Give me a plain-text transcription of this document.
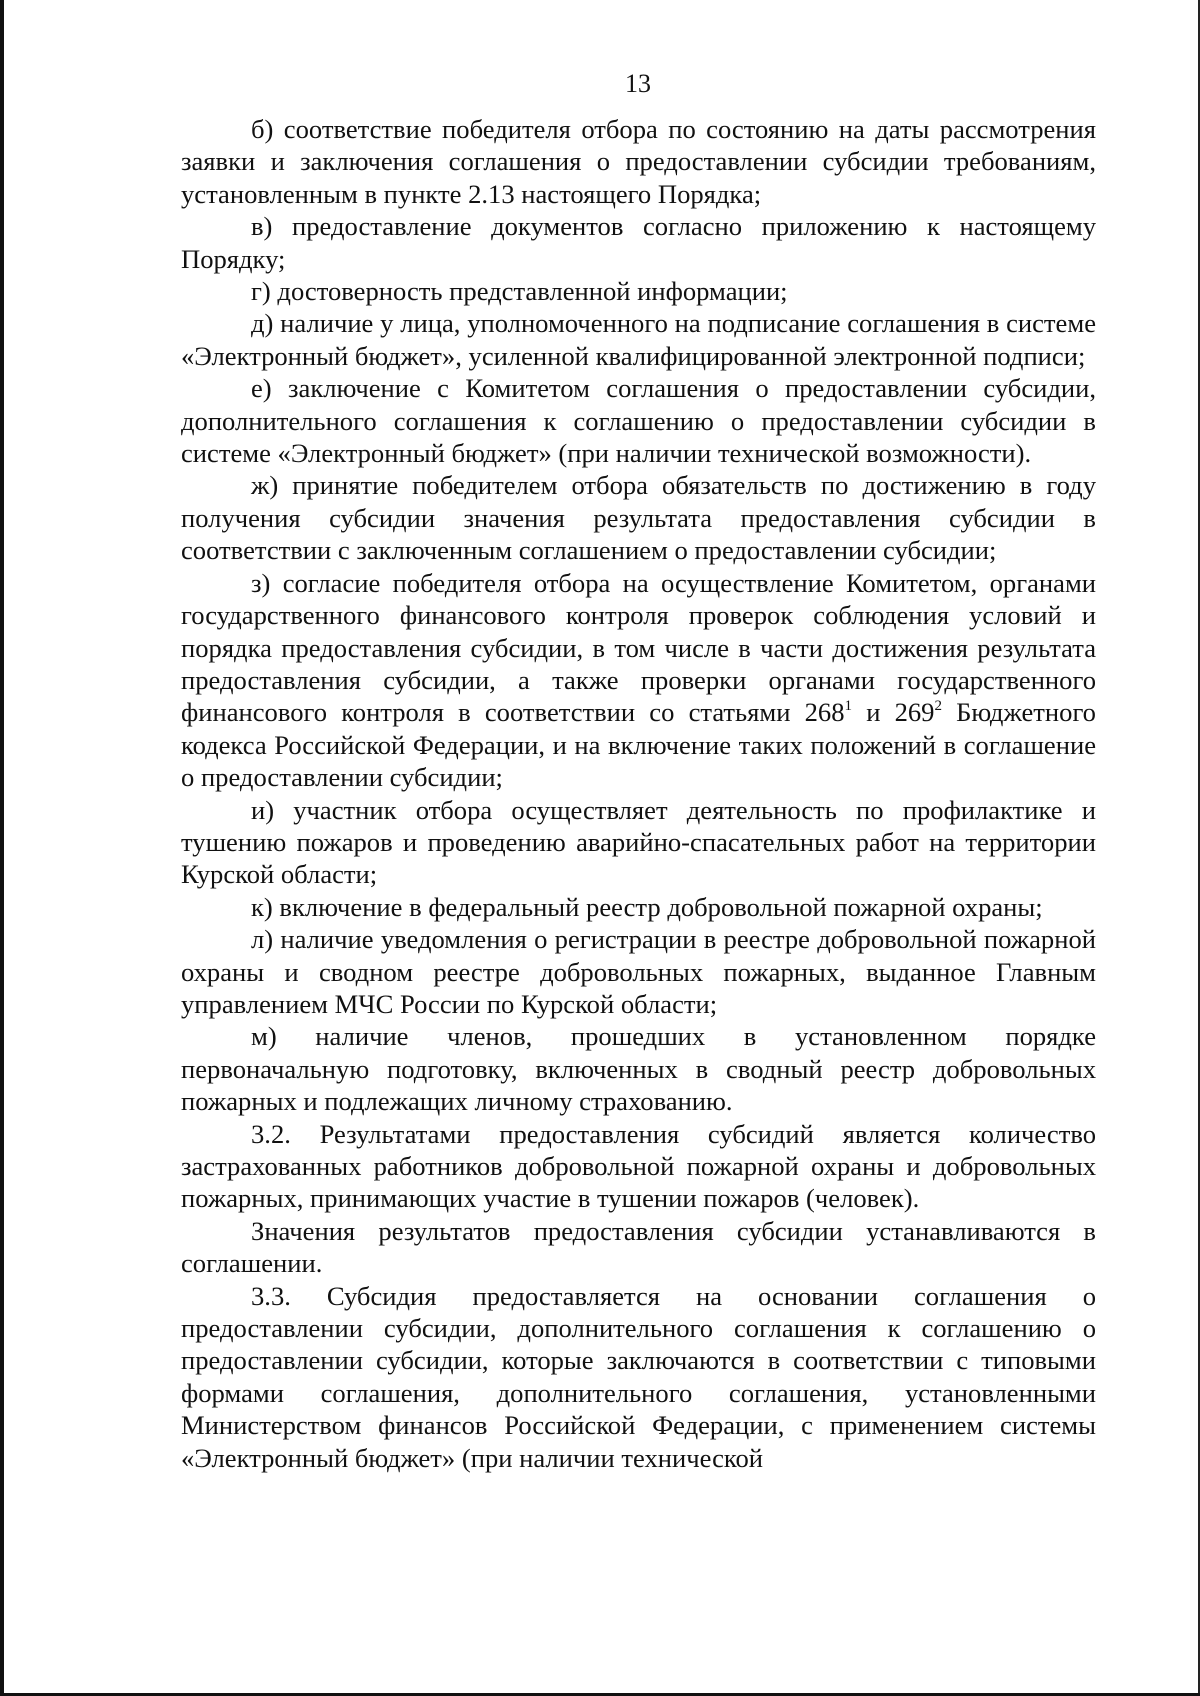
13

б) соответствие победителя отбора по состоянию на даты рассмотрения заявки и заключения соглашения о предоставлении субсидии требованиям, установленным в пункте 2.13 настоящего Порядка;

в) предоставление документов согласно приложению к настоящему Порядку;

г) достоверность представленной информации;

д) наличие у лица, уполномоченного на подписание соглашения в системе «Электронный бюджет», усиленной квалифицированной электронной подписи;

е) заключение с Комитетом соглашения о предоставлении субсидии, дополнительного соглашения к соглашению о предоставлении субсидии в системе «Электронный бюджет» (при наличии технической возможности).

ж) принятие победителем отбора обязательств по достижению в году получения субсидии значения результата предоставления субсидии в соответствии с заключенным соглашением о предоставлении субсидии;

з) согласие победителя отбора на осуществление Комитетом, органами государственного финансового контроля проверок соблюдения условий и порядка предоставления субсидии, в том числе в части достижения результата предоставления субсидии, а также проверки органами государственного финансового контроля в соответствии со статьями $268^1$ и $269^2$ Бюджетного кодекса Российской Федерации, и на включение таких положений в соглашение о предоставлении субсидии;

и) участник отбора осуществляет деятельность по профилактике и тушению пожаров и проведению аварийно-спасательных работ на территории Курской области;

к) включение в федеральный реестр добровольной пожарной охраны;

л) наличие уведомления о регистрации в реестре добровольной пожарной охраны и сводном реестре добровольных пожарных, выданное Главным управлением МЧС России по Курской области;

м) наличие членов, прошедших в установленном порядке первоначальную подготовку, включенных в сводный реестр добровольных пожарных и подлежащих личному страхованию.

3.2. Результатами предоставления субсидий является количество застрахованных работников добровольной пожарной охраны и добровольных пожарных, принимающих участие в тушении пожаров (человек).

Значения результатов предоставления субсидии устанавливаются в соглашении.

3.3. Субсидия предоставляется на основании соглашения о предоставлении субсидии, дополнительного соглашения к соглашению о предоставлении субсидии, которые заключаются в соответствии с типовыми формами соглашения, дополнительного соглашения, установленными Министерством финансов Российской Федерации, с применением системы «Электронный бюджет» (при наличии технической
